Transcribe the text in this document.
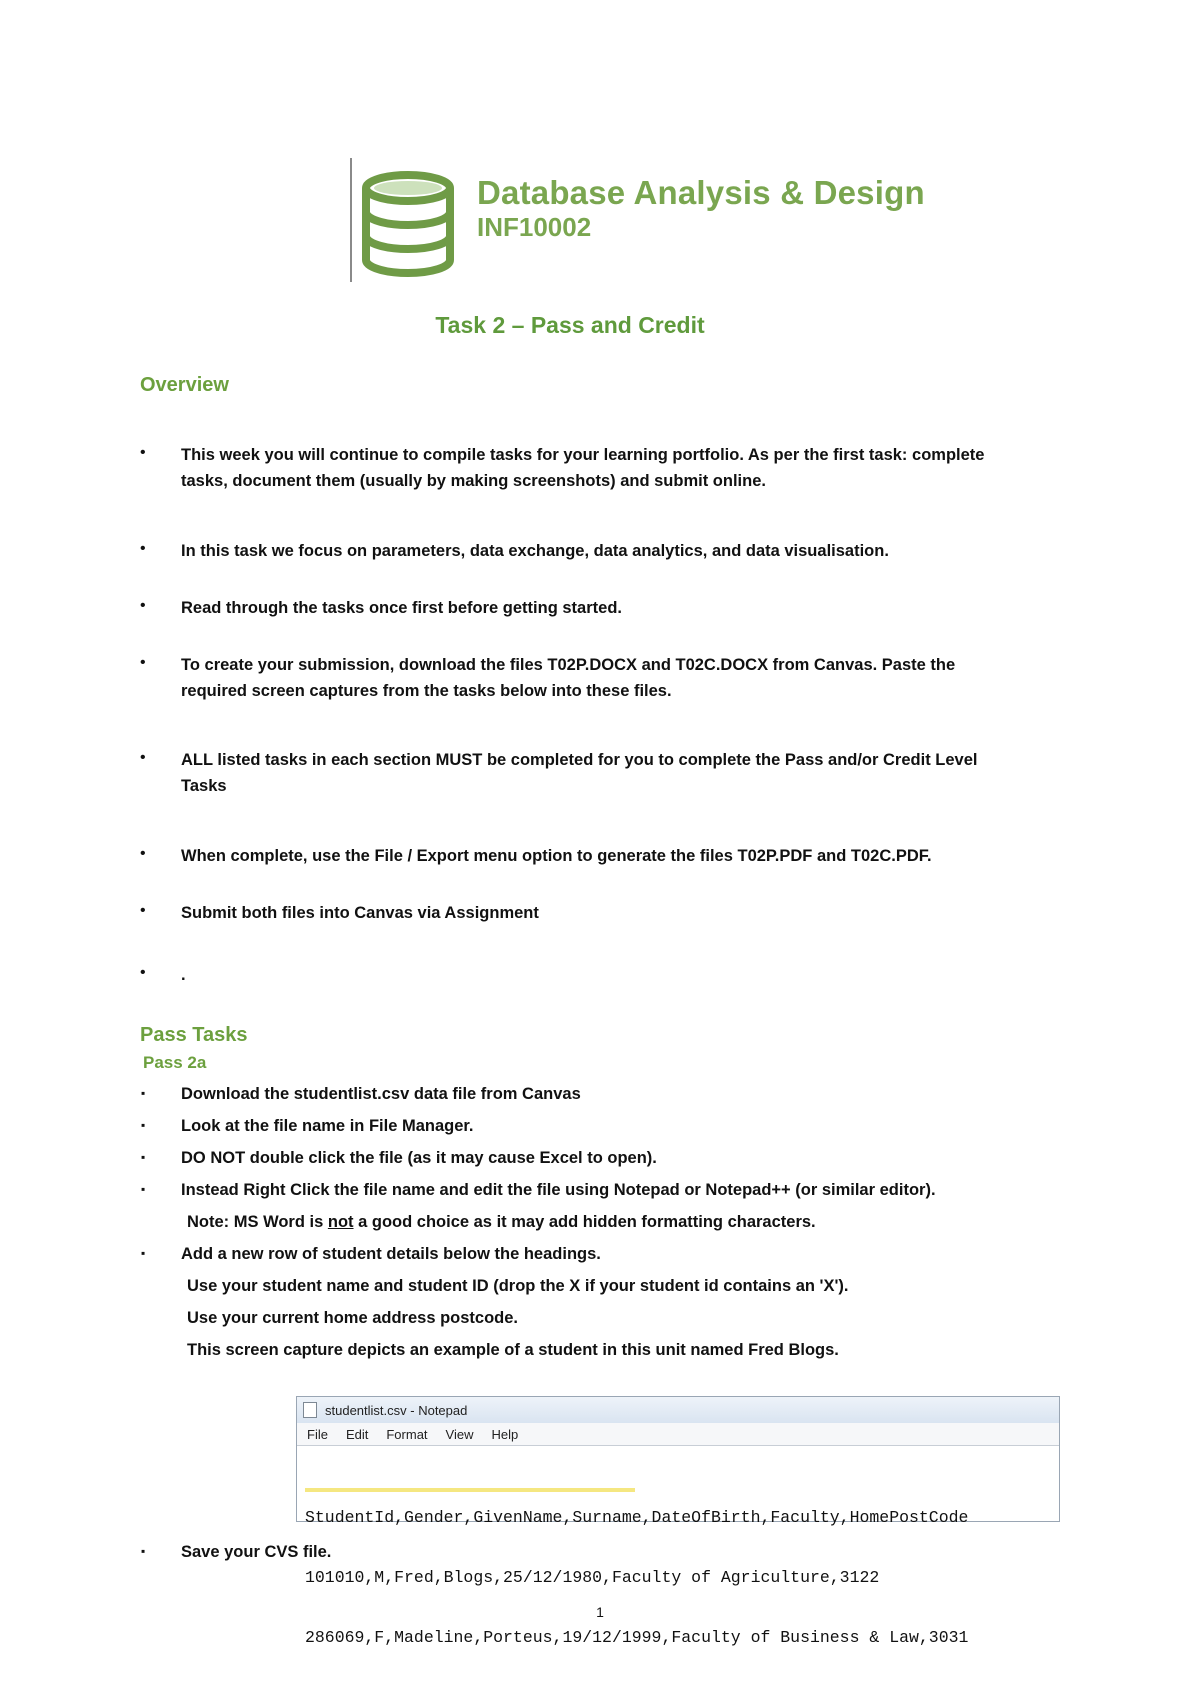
Database Analysis & Design
INF10002
Task 2 – Pass and Credit
Overview
• This week you will continue to compile tasks for your learning portfolio. As per the first task: complete
tasks, document them (usually by making screenshots) and submit online.
• In this task we focus on parameters, data exchange, data analytics, and data visualisation.
• Read through the tasks once first before getting started.
• To create your submission, download the files T02P.DOCX and T02C.DOCX from Canvas. Paste the
required screen captures from the tasks below into these files.
• ALL listed tasks in each section MUST be completed for you to complete the Pass and/or Credit Level
Tasks
• When complete, use the File / Export menu option to generate the files T02P.PDF and T02C.PDF.
• Submit both files into Canvas via Assignment
• .
Pass Tasks
Pass 2a
▪ Download the studentlist.csv data file from Canvas
▪ Look at the file name in File Manager.
▪ DO NOT double click the file (as it may cause Excel to open).
▪ Instead Right Click the file name and edit the file using Notepad or Notepad++ (or similar editor).
Note: MS Word is not a good choice as it may add hidden formatting characters.
▪ Add a new row of student details below the headings.
Use your student name and student ID (drop the X if your student id contains an 'X').
Use your current home address postcode.
This screen capture depicts an example of a student in this unit named Fred Blogs.
studentlist.csv - Notepad
File Edit Format View Help

StudentId,Gender,GivenName,Surname,DateOfBirth,Faculty,HomePostCode

101010,M,Fred,Blogs,25/12/1980,Faculty of Agriculture,3122

286069,F,Madeline,Porteus,19/12/1999,Faculty of Business & Law,3031

▪ Save your CVS file.
1
